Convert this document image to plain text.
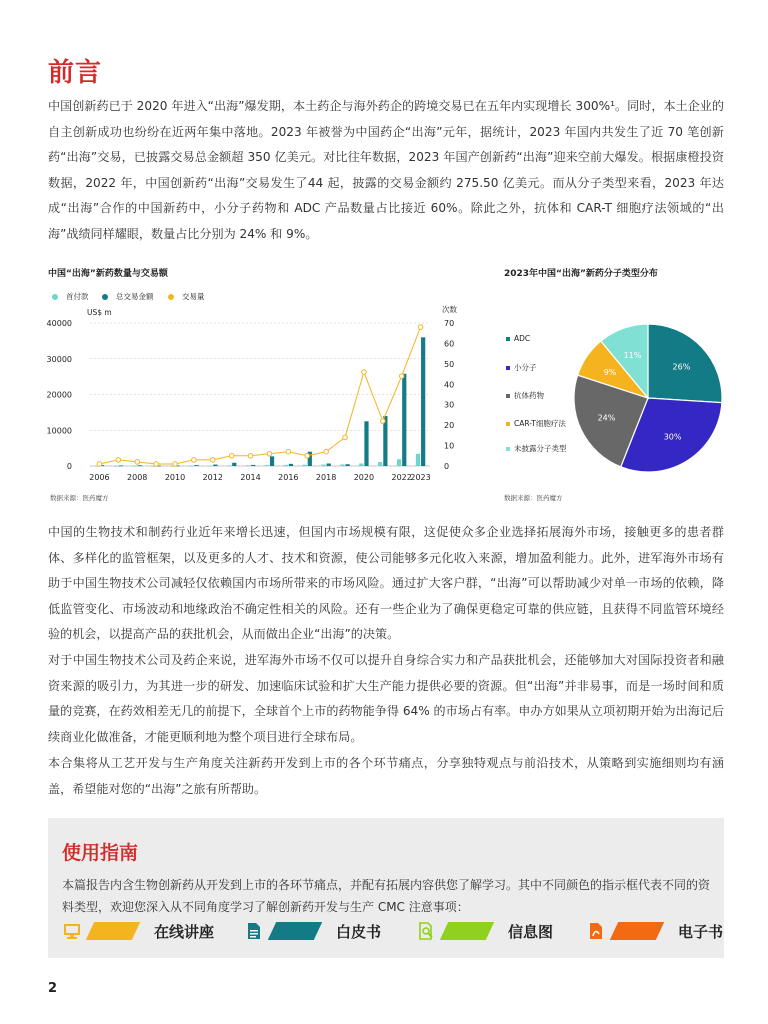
前言

中国创新药已于 2020 年进入“出海”爆发期，本土药企与海外药企的跨境交易已在五年内实现增长 300%¹。同时，本土企业的自主创新成功也纷纷在近两年集中落地。2023 年被誉为中国药企“出海”元年，据统计，2023 年国内共发生了近 70 笔创新药“出海”交易，已披露交易总金额超 350 亿美元。对比往年数据，2023 年国产创新药“出海”迎来空前大爆发。根据康橙投资数据，2022 年，中国创新药“出海”交易发生了44 起，披露的交易金额约 275.50 亿美元。而从分子类型来看，2023 年达成“出海”合作的中国新药中，小分子药物和 ADC 产品数量占比接近 60%。除此之外，抗体和 CAR-T 细胞疗法领域的“出海”战绩同样耀眼，数量占比分别为 24% 和 9%。

中国“出海”新药数量与交易额
首付款	总交易金额	交易量
US$ m	次数
0
10000
20000
30000
40000
0
10
20
30
40
50
60
70
2006 2008 2010 2012 2014 2016 2018 2020 2022
2023
数据来源：医药魔方
2023年中国“出海”新药分子类型分布
ADC
小分子
抗体药物
CAR-T细胞疗法
未披露分子类型
26%
30%
24%
9%
11%
数据来源：医药魔方

中国的生物技术和制药行业近年来增长迅速，但国内市场规模有限，这促使众多企业选择拓展海外市场，接触更多的患者群体、多样化的监管框架，以及更多的人才、技术和资源，使公司能够多元化收入来源，增加盈利能力。此外，进军海外市场有助于中国生物技术公司减轻仅依赖国内市场所带来的市场风险。通过扩大客户群，“出海”可以帮助减少对单一市场的依赖，降低监管变化、市场波动和地缘政治不确定性相关的风险。还有一些企业为了确保更稳定可靠的供应链，且获得不同监管环境经验的机会，以提高产品的获批机会，从而做出企业“出海”的决策。

对于中国生物技术公司及药企来说，进军海外市场不仅可以提升自身综合实力和产品获批机会，还能够加大对国际投资者和融资来源的吸引力，为其进一步的研发、加速临床试验和扩大生产能力提供必要的资源。但“出海”并非易事，而是一场时间和质量的竞赛，在药效相差无几的前提下，全球首个上市的药物能争得 64% 的市场占有率。申办方如果从立项初期开始为出海记后续商业化做准备，才能更顺利地为整个项目进行全球布局。

本合集将从工艺开发与生产角度关注新药开发到上市的各个环节痛点，分享独特观点与前沿技术，从策略到实施细则均有涵盖，希望能对您的“出海”之旅有所帮助。

使用指南

本篇报告内含生物创新药从开发到上市的各环节痛点，并配有拓展内容供您了解学习。其中不同颜色的指示框代表不同的资料类型，欢迎您深入从不同角度学习了解创新药开发与生产 CMC 注意事项：

在线讲座	白皮书	信息图	电子书
2
